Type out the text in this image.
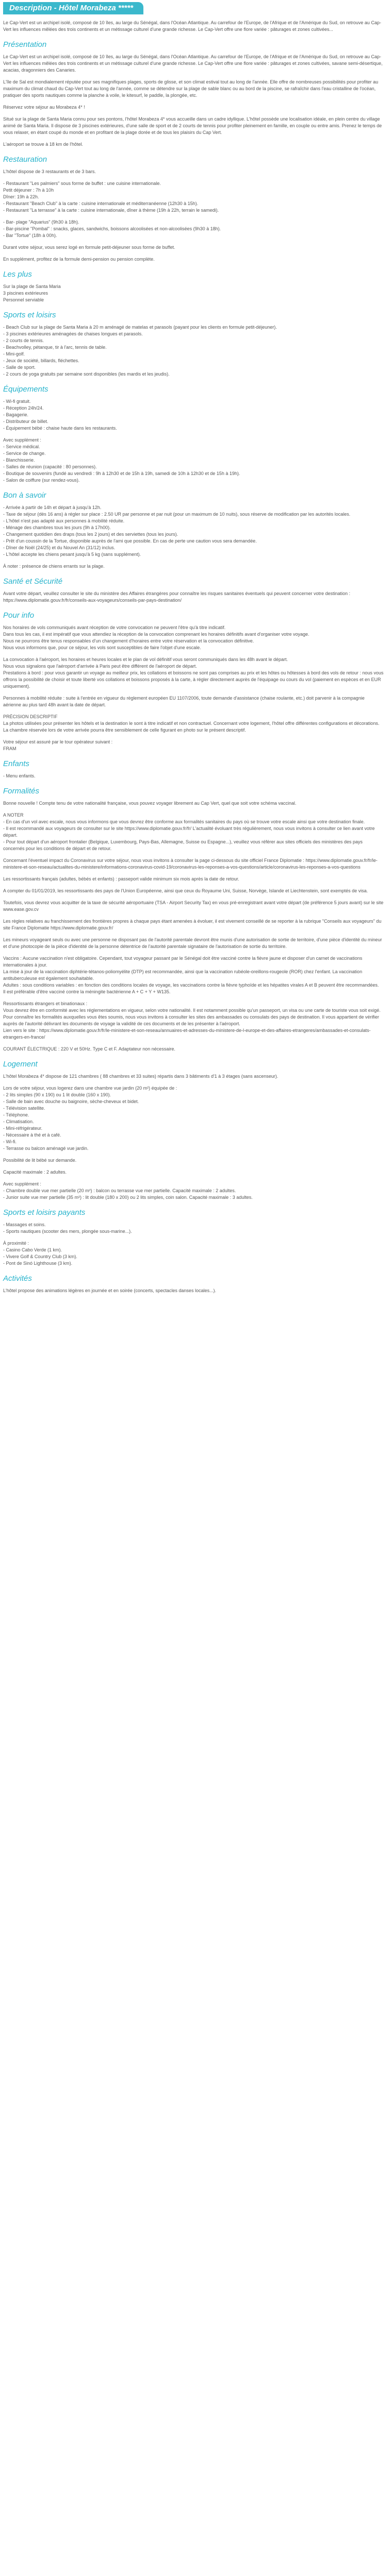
Description - Hôtel Morabeza *****

Le Cap-Vert est un archipel isolé, composé de 10 îles, au large du Sénégal, dans l'Océan Atlantique. Au carrefour de l'Europe, de l'Afrique et de l'Amérique du Sud, on retrouve au Cap-Vert les influences mêlées des trois continents et un métissage culturel d'une grande richesse. Le Cap-Vert offre une flore variée : pâturages et zones cultivées...

Présentation

Le Cap-Vert est un archipel isolé, composé de 10 îles, au large du Sénégal, dans l'Océan Atlantique. Au carrefour de l'Europe, de l'Afrique et de l'Amérique du Sud, on retrouve au Cap-Vert les influences mêlées des trois continents et un métissage culturel d'une grande richesse. Le Cap-Vert offre une flore variée : pâturages et zones cultivées, savane semi-désertique, acacias, dragonniers des Canaries.

L'île de Sal est mondialement réputée pour ses magnifiques plages, sports de glisse, et son climat estival tout au long de l'année. Elle offre de nombreuses possibilités pour profiter au maximum du climat chaud du Cap-Vert tout au long de l'année, comme se détendre sur la plage de sable blanc ou au bord de la piscine, se rafraîchir dans l'eau cristalline de l'océan, pratiquer des sports nautiques comme la planche à voile, le kitesurf, le paddle, la plongée, etc.

Réservez votre séjour au Morabeza 4* !

Situé sur la plage de Santa Maria connu pour ses pontons, l'hôtel Morabeza 4* vous accueille dans un cadre idyllique. L'hôtel possède une localisation idéale, en plein centre du village animé de Santa Maria. Il dispose de 3 piscines extérieures, d'une salle de sport et de 2 courts de tennis pour profiter pleinement en famille, en couple ou entre amis. Prenez le temps de vous relaxer, en étant coupé du monde et en profitant de la plage dorée et de tous les plaisirs du Cap Vert.

L'aéroport se trouve à 18 km de l'hôtel.

Restauration

L'hôtel dispose de 3 restaurants et de 3 bars.

- Restaurant "Les palmiers" sous forme de buffet : une cuisine internationale.
Petit déjeuner : 7h à 10h
Dîner: 19h à 22h.
- Restaurant "Beach Club" à la carte : cuisine internationale et méditerranéenne (12h30 à 15h).
- Restaurant "La terrasse" à la carte : cuisine internationale, dîner à thème (19h à 22h, terrain le samedi).

- Bar- plage "Aquarius" (9h30 à 18h).
- Bar-piscine "Pombal" : snacks, glaces, sandwichs, boissons alcoolisées et non-alcoolisées (9h30 à 18h).
- Bar "Tortue" (18h à 00h).

Durant votre séjour, vous serez logé en formule petit-déjeuner sous forme de buffet.

En supplément, profitez de la formule demi-pension ou pension complète.

Les plus

Sur la plage de Santa Maria
3 piscines extérieures
Personnel serviable

Sports et loisirs

- Beach Club sur la plage de Santa Maria à 20 m aménagé de matelas et parasols (payant pour les clients en formule petit-déjeuner).
- 3 piscines extérieures aménagées de chaises longues et parasols.
- 2 courts de tennis.
- Beachvolley, pétanque, tir à l'arc, tennis de table.
- Mini-golf.
- Jeux de société, billards, fléchettes.
- Salle de sport.
- 2 cours de yoga gratuits par semaine sont disponibles (les mardis et les jeudis).

Équipements

- Wi-fi gratuit.
- Réception 24h/24.
- Bagagerie.
- Distributeur de billet.
- Équipement bébé : chaise haute dans les restaurants.

Avec supplément :
- Service médical.
- Service de change.
- Blanchisserie.
- Salles de réunion (capacité : 80 personnes).
- Boutique de souvenirs (fundé au vendredi : 9h à 12h30 et de 15h à 19h, samedi de 10h à 12h30 et de 15h à 19h).
- Salon de coiffure (sur rendez-vous).

Bon à savoir

- Arrivée à partir de 14h et départ à jusqu'à 12h.
- Taxe de séjour (dès 16 ans) à régler sur place : 2.50 UR par personne et par nuit (pour un maximum de 10 nuits), sous réserve de modification par les autorités locales.
- L'hôtel n'est pas adapté aux personnes à mobilité réduite.
- Ménage des chambres tous les jours (9h à 17h00).
- Changement quotidien des draps (tous les 2 jours) et des serviettes (tous les jours).
- Prêt d'un coussin de la Tortue, disponible auprès de l'ami que possible. En cas de perte une caution vous sera demandée.
- Dîner de Noël (24/25) et du Nouvel An (31/12) inclus.
- L'hôtel accepte les chiens pesant jusqu'à 5 kg (sans supplément).

À noter : présence de chiens errants sur la plage.

Santé et Sécurité

Avant votre départ, veuillez consulter le site du ministère des Affaires étrangères pour connaître les risques sanitaires éventuels qui peuvent concerner votre destination : https://www.diplomatie.gouv.fr/fr/conseils-aux-voyageurs/conseils-par-pays-destination/

Pour info

Nos horaires de vols communiqués avant réception de votre convocation ne peuvent l'être qu'à titre indicatif.
Dans tous les cas, il est impératif que vous attendiez la réception de la convocation comprenant les horaires définitifs avant d'organiser votre voyage.
Nous ne pourrons être tenus responsables d'un changement d'horaires entre votre réservation et la convocation définitive.
Nous vous informons que, pour ce séjour, les vols sont susceptibles de faire l'objet d'une escale.

La convocation à l'aéroport, les horaires et heures locales et le plan de vol définitif vous seront communiqués dans les 48h avant le départ.
Nous vous signalons que l'aéroport d'arrivée à Paris peut être différent de l'aéroport de départ.
Prestations à bord : pour vous garantir un voyage au meilleur prix, les collations et boissons ne sont pas comprises au prix et les hôtes ou hôtesses à bord des vols de retour : nous vous offrons la possibilité de choisir et toute liberté vos collations et boissons proposés à la carte, à régler directement auprès de l'équipage ou cours du vol (paiement en espèces et en EUR uniquement).

Personnes à mobilité réduite : suite à l'entrée en vigueur du règlement européen EU 1107/2006, toute demande d'assistance (chaise roulante, etc.) doit parvenir à la compagnie aérienne au plus tard 48h avant la date de départ.

PRÉCISION DESCRIPTIF
La photos utilisées pour présenter les hôtels et la destination le sont à titre indicatif et non contractuel. Concernant votre logement, l'hôtel offre différentes configurations et décorations. La chambre réservée lors de votre arrivée pourra être sensiblement de celle figurant en photo sur le présent descriptif.

Votre séjour est assuré par le tour opérateur suivant :
FRAM

Enfants

- Menu enfants.

Formalités

Bonne nouvelle ! Compte tenu de votre nationalité française, vous pouvez voyager librement au Cap Vert, quel que soit votre schéma vaccinal.

A NOTER
- En cas d'un vol avec escale, nous vous informons que vous devrez être conforme aux formalités sanitaires du pays où se trouve votre escale ainsi que votre destination finale.
- Il est recommandé aux voyageurs de consulter sur le site https://www.diplomatie.gouv.fr/fr/ L'actualité évoluant très régulièrement, nous vous invitons à consulter ce lien avant votre départ.
- Pour tout départ d'un aéroport frontalier (Belgique, Luxembourg, Pays-Bas, Allemagne, Suisse ou Espagne...), veuillez vous référer aux sites officiels des ministères des pays concernés pour les conditions de départ et de retour.

Concernant l'éventuel impact du Coronavirus sur votre séjour, nous vous invitons à consulter la page ci-dessous du site officiel France Diplomatie : https://www.diplomatie.gouv.fr/fr/le-ministere-et-son-reseau/actualites-du-ministere/informations-coronavirus-covid-19/coronavirus-les-reponses-a-vos-questions/article/coronavirus-les-reponses-a-vos-questions

Les ressortissants français (adultes, bébés et enfants) : passeport valide minimum six mois après la date de retour.

A compter du 01/01/2019, les ressortissants des pays de l'Union Européenne, ainsi que ceux du Royaume Uni, Suisse, Norvège, Islande et Liechtenstein, sont exemptés de visa.

Toutefois, vous devrez vous acquitter de la taxe de sécurité aéroportuaire (TSA - Airport Security Tax) en vous pré-enregistrant avant votre départ (de préférence 5 jours avant) sur le site www.ease.gov.cv

Les règles relatives au franchissement des frontières propres à chaque pays étant amenées à évoluer, il est vivement conseillé de se reporter à la rubrique "Conseils aux voyageurs" du site France Diplomatie https://www.diplomatie.gouv.fr/

Les mineurs voyageant seuls ou avec une personne ne disposant pas de l'autorité parentale devront être munis d'une autorisation de sortie de territoire, d'une pièce d'identité du mineur et d'une photocopie de la pièce d'identité de la personne détentrice de l'autorité parentale signataire de l'autorisation de sortie du territoire.

Vaccins : Aucune vaccination n'est obligatoire. Cependant, tout voyageur passant par le Sénégal doit être vacciné contre la fièvre jaune et disposer d'un carnet de vaccinations internationales à jour.
La mise à jour de la vaccination diphtérie-tétanos-poliomyélite (DTP) est recommandée, ainsi que la vaccination rubéole-oreillons-rougeole (ROR) chez l'enfant. La vaccination antituberculeuse est également souhaitable.
Adultes : sous conditions variables : en fonction des conditions locales de voyage, les vaccinations contre la fièvre typhoïde et les hépatites virales A et B peuvent être recommandées.
Il est préférable d'être vacciné contre la méningite bactérienne A + C + Y + W135.

Ressortissants étrangers et binationaux :
Vous devrez être en conformité avec les réglementations en vigueur, selon votre nationalité. Il est notamment possible qu'un passeport, un visa ou une carte de touriste vous soit exigé. Pour connaître les formalités auxquelles vous êtes soumis, nous vous invitons à consulter les sites des ambassades ou consulats des pays de destination. Il vous appartient de vérifier auprès de l'autorité délivrant les documents de voyage la validité de ces documents et de les présenter à l'aéroport.
Lien vers le site : https://www.diplomatie.gouv.fr/fr/le-ministere-et-son-reseau/annuaires-et-adresses-du-ministere-de-l-europe-et-des-affaires-etrangeres/ambassades-et-consulats-etrangers-en-france/

COURANT ÉLECTRIQUE : 220 V et 50Hz. Type C et F. Adaptateur non nécessaire.

Logement

L'hôtel Morabeza 4* dispose de 121 chambres ( 88 chambres et 33 suites) répartis dans 3 bâtiments d'1 à 3 étages (sans ascenseur).

Lors de votre séjour, vous logerez dans une chambre vue jardin (20 m²) équipée de :
- 2 lits simples (90 x 190) ou 1 lit double (160 x 190).
- Salle de bain avec douche ou baignoire, sèche-cheveux et bidet.
- Télévision satellite.
- Téléphone.
- Climatisation.
- Mini-réfrigérateur.
- Nécessaire à thé et à café.
- Wi-fi.
- Terrasse ou balcon aménagé vue jardin.

Possibilité de lit bébé sur demande.

Capacité maximale : 2 adultes.

Avec supplément :
- Chambre double vue mer partielle (20 m²) : balcon ou terrasse vue mer partielle. Capacité maximale : 2 adultes.
- Junior suite vue mer partielle (35 m²) : lit double (180 x 200) ou 2 lits simples, coin salon. Capacité maximale : 3 adultes.

Sports et loisirs payants

- Massages et soins.
- Sports nautiques (scooter des mers, plongée sous-marine...).

À proximité :
- Casino Cabo Verde (1 km).
- Vivere Golf & Country Club (3 km).
- Pont de Sinó Lighthouse (3 km).

Activités

L'hôtel propose des animations légères en journée et en soirée (concerts, spectacles danses locales...).
